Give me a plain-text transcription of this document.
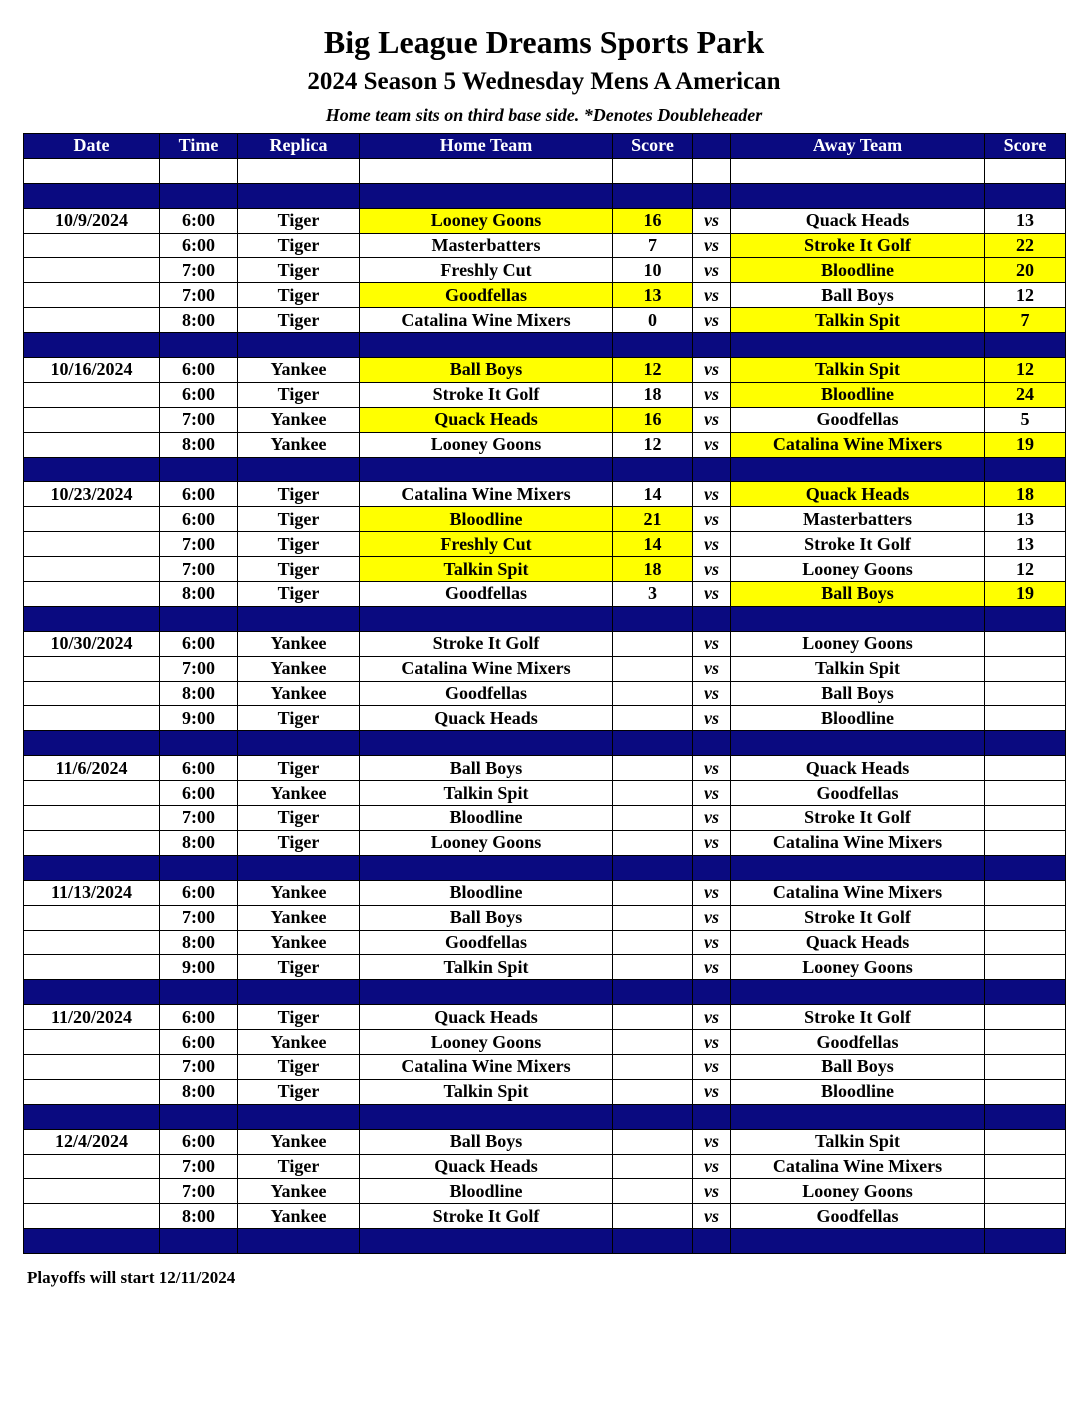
Big League Dreams Sports Park
2024 Season 5 Wednesday Mens A American
Home team sits on third base side. *Denotes Doubleheader
Date	Time	Replica	Home Team	Score		Away Team	Score

10/9/2024	6:00	Tiger	Looney Goons	16	vs	Quack Heads	13
	6:00	Tiger	Masterbatters	7	vs	Stroke It Golf	22
	7:00	Tiger	Freshly Cut	10	vs	Bloodline	20
	7:00	Tiger	Goodfellas	13	vs	Ball Boys	12
	8:00	Tiger	Catalina Wine Mixers	0	vs	Talkin Spit	7

10/16/2024	6:00	Yankee	Ball Boys	12	vs	Talkin Spit	12
	6:00	Tiger	Stroke It Golf	18	vs	Bloodline	24
	7:00	Yankee	Quack Heads	16	vs	Goodfellas	5
	8:00	Yankee	Looney Goons	12	vs	Catalina Wine Mixers	19

10/23/2024	6:00	Tiger	Catalina Wine Mixers	14	vs	Quack Heads	18
	6:00	Tiger	Bloodline	21	vs	Masterbatters	13
	7:00	Tiger	Freshly Cut	14	vs	Stroke It Golf	13
	7:00	Tiger	Talkin Spit	18	vs	Looney Goons	12
	8:00	Tiger	Goodfellas	3	vs	Ball Boys	19

10/30/2024	6:00	Yankee	Stroke It Golf		vs	Looney Goons	
	7:00	Yankee	Catalina Wine Mixers		vs	Talkin Spit	
	8:00	Yankee	Goodfellas		vs	Ball Boys	
	9:00	Tiger	Quack Heads		vs	Bloodline	

11/6/2024	6:00	Tiger	Ball Boys		vs	Quack Heads	
	6:00	Yankee	Talkin Spit		vs	Goodfellas	
	7:00	Tiger	Bloodline		vs	Stroke It Golf	
	8:00	Tiger	Looney Goons		vs	Catalina Wine Mixers	

11/13/2024	6:00	Yankee	Bloodline		vs	Catalina Wine Mixers	
	7:00	Yankee	Ball Boys		vs	Stroke It Golf	
	8:00	Yankee	Goodfellas		vs	Quack Heads	
	9:00	Tiger	Talkin Spit		vs	Looney Goons	

11/20/2024	6:00	Tiger	Quack Heads		vs	Stroke It Golf	
	6:00	Yankee	Looney Goons		vs	Goodfellas	
	7:00	Tiger	Catalina Wine Mixers		vs	Ball Boys	
	8:00	Tiger	Talkin Spit		vs	Bloodline	

12/4/2024	6:00	Yankee	Ball Boys		vs	Talkin Spit	
	7:00	Tiger	Quack Heads		vs	Catalina Wine Mixers	
	7:00	Yankee	Bloodline		vs	Looney Goons	
	8:00	Yankee	Stroke It Golf		vs	Goodfellas	

Playoffs will start 12/11/2024
